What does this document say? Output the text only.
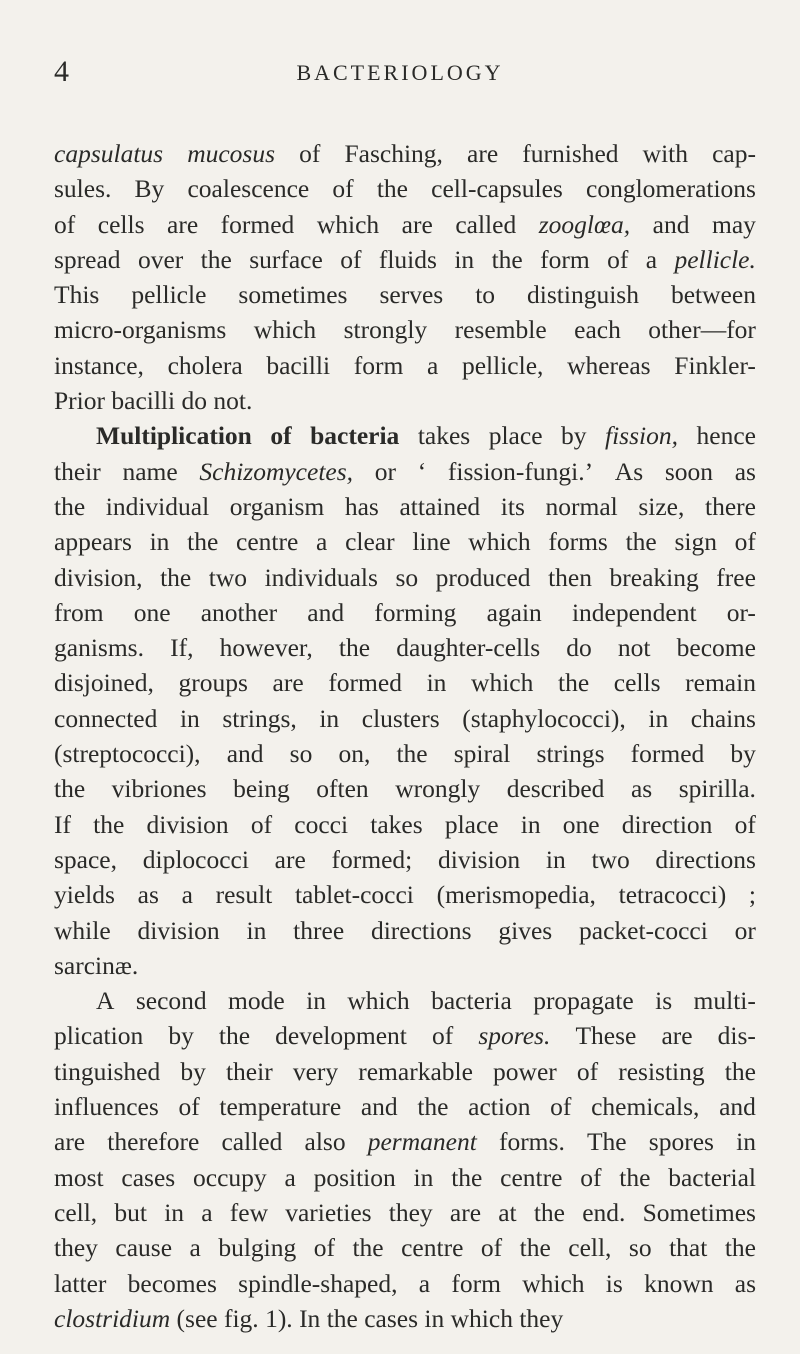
4	BACTERIOLOGY
capsulatus mucosus of Fasching, are furnished with cap-
sules. By coalescence of the cell-capsules conglomerations
of cells are formed which are called zooglœa, and may
spread over the surface of fluids in the form of a pellicle.
This pellicle sometimes serves to distinguish between
micro-organisms which strongly resemble each other—for
instance, cholera bacilli form a pellicle, whereas Finkler-
Prior bacilli do not.
Multiplication of bacteria takes place by fission, hence
their name Schizomycetes, or ‘ fission-fungi.’ As soon as
the individual organism has attained its normal size, there
appears in the centre a clear line which forms the sign of
division, the two individuals so produced then breaking free
from one another and forming again independent or-
ganisms. If, however, the daughter-cells do not become
disjoined, groups are formed in which the cells remain
connected in strings, in clusters (staphylococci), in chains
(streptococci), and so on, the spiral strings formed by
the vibriones being often wrongly described as spirilla.
If the division of cocci takes place in one direction of
space, diplococci are formed; division in two directions
yields as a result tablet-cocci (merismopedia, tetracocci) ;
while division in three directions gives packet-cocci or
sarcinæ.
A second mode in which bacteria propagate is multi-
plication by the development of spores. These are dis-
tinguished by their very remarkable power of resisting the
influences of temperature and the action of chemicals, and
are therefore called also permanent forms. The spores in
most cases occupy a position in the centre of the bacterial
cell, but in a few varieties they are at the end. Sometimes
they cause a bulging of the centre of the cell, so that the
latter becomes spindle-shaped, a form which is known as
clostridium (see fig. 1). In the cases in which they
